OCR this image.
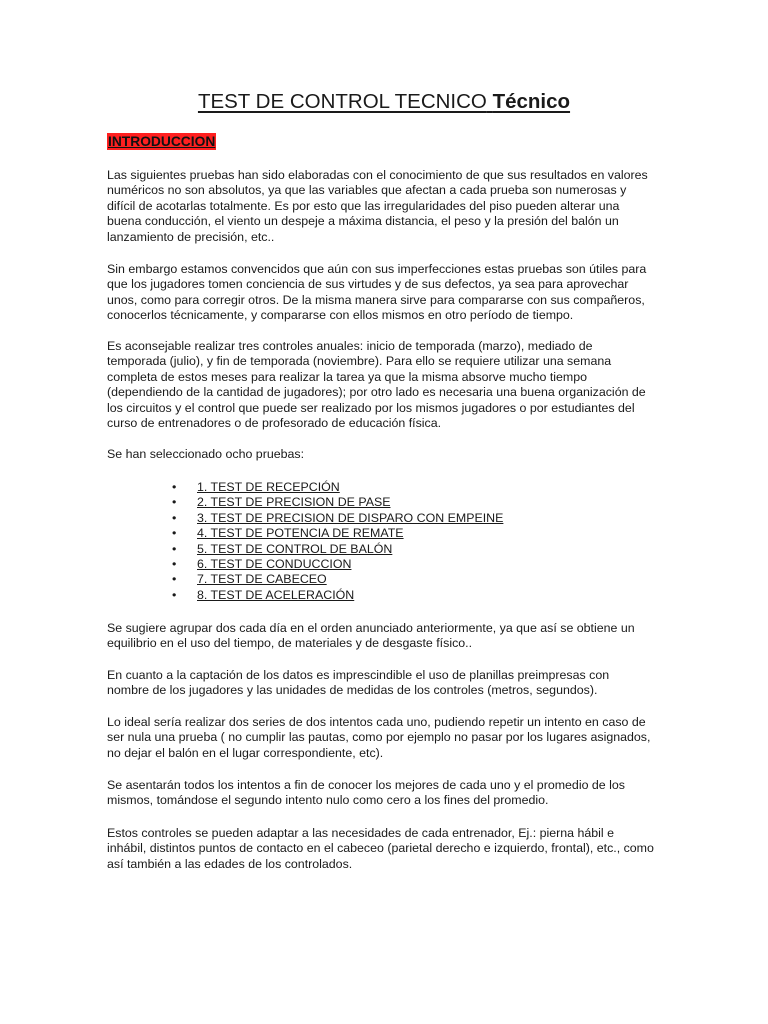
TEST DE CONTROL TECNICO Técnico
INTRODUCCION
Las siguientes pruebas han sido elaboradas con el conocimiento de que sus resultados en valores
numéricos no son absolutos, ya que las variables que afectan a cada prueba son numerosas y
difícil de acotarlas totalmente. Es por esto que las irregularidades del piso pueden alterar una
buena conducción, el viento un despeje a máxima distancia, el peso y la presión del balón un
lanzamiento de precisión, etc..
Sin embargo estamos convencidos que aún con sus imperfecciones estas pruebas son útiles para
que los jugadores tomen conciencia de sus virtudes y de sus defectos, ya sea para aprovechar
unos, como para corregir otros. De la misma manera sirve para compararse con sus compañeros,
conocerlos técnicamente, y compararse con ellos mismos en otro período de tiempo.
Es aconsejable realizar tres controles anuales: inicio de temporada (marzo), mediado de
temporada (julio), y fin de temporada (noviembre). Para ello se requiere utilizar una semana
completa de estos meses para realizar la tarea ya que la misma absorve mucho tiempo
(dependiendo de la cantidad de jugadores); por otro lado es necesaria una buena organización de
los circuitos y el control que puede ser realizado por los mismos jugadores o por estudiantes del
curso de entrenadores o de profesorado de educación física.
Se han seleccionado ocho pruebas:
• 1. TEST DE RECEPCIÓN
• 2. TEST DE PRECISION DE PASE
• 3. TEST DE PRECISION DE DISPARO CON EMPEINE
• 4. TEST DE POTENCIA DE REMATE
• 5. TEST DE CONTROL DE BALÓN
• 6. TEST DE CONDUCCION
• 7. TEST DE CABECEO
• 8. TEST DE ACELERACIÓN
Se sugiere agrupar dos cada día en el orden anunciado anteriormente, ya que así se obtiene un
equilibrio en el uso del tiempo, de materiales y de desgaste físico..
En cuanto a la captación de los datos es imprescindible el uso de planillas preimpresas con
nombre de los jugadores y las unidades de medidas de los controles (metros, segundos).
Lo ideal sería realizar dos series de dos intentos cada uno, pudiendo repetir un intento en caso de
ser nula una prueba ( no cumplir las pautas, como por ejemplo no pasar por los lugares asignados,
no dejar el balón en el lugar correspondiente, etc).
Se asentarán todos los intentos a fin de conocer los mejores de cada uno y el promedio de los
mismos, tomándose el segundo intento nulo como cero a los fines del promedio.
Estos controles se pueden adaptar a las necesidades de cada entrenador, Ej.: pierna hábil e
inhábil, distintos puntos de contacto en el cabeceo (parietal derecho e izquierdo, frontal), etc., como
así también a las edades de los controlados.
